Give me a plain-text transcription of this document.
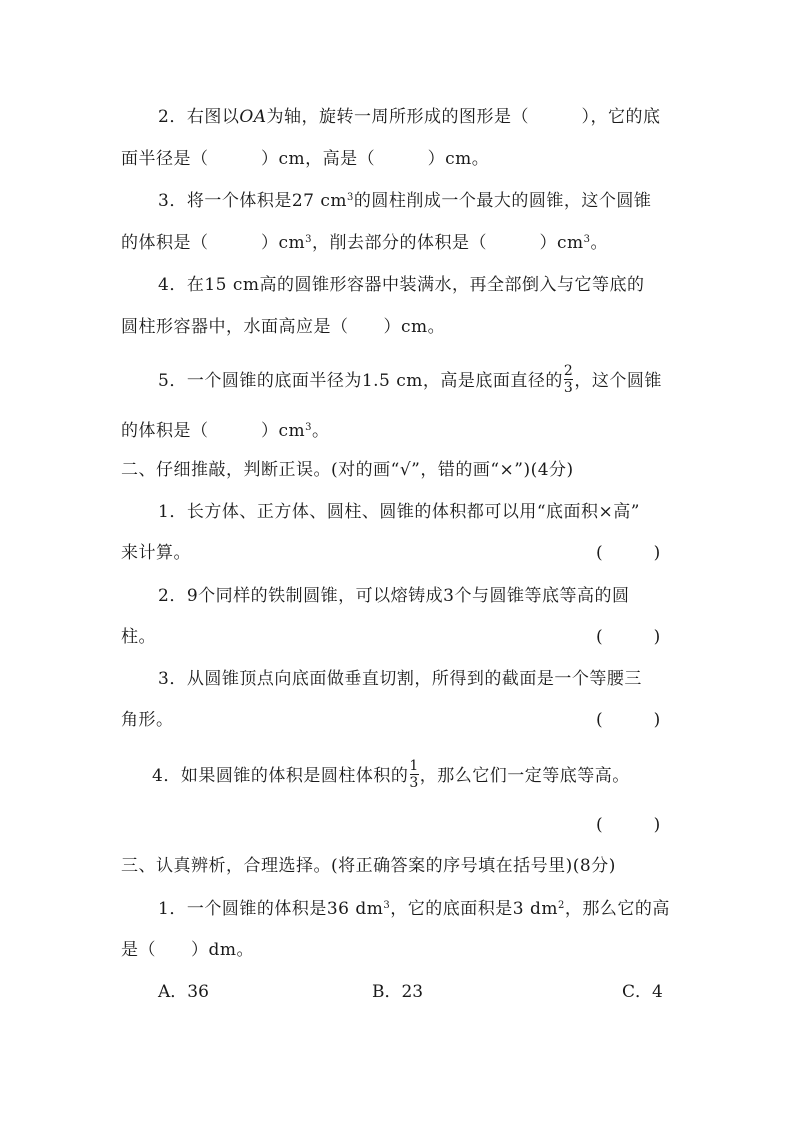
2．右图以OA为轴，旋转一周所形成的图形是（　　　），它的底
面半径是（　　　）cm，高是（　　　）cm。
3．将一个体积是27 $cm^3$的圆柱削成一个最大的圆锥，这个圆锥
的体积是（　　　）$cm^3$，削去部分的体积是（　　　）$cm^3$。
4．在15 cm高的圆锥形容器中装满水，再全部倒入与它等底的
圆柱形容器中，水面高应是（　　）cm。
5．一个圆锥的底面半径为1.5 cm，高是底面直径的 $\frac{2}{3}$ ，这个圆锥
的体积是（　　　）$cm^3$。
二、仔细推敲，判断正误。(对的画“√”，错的画“×”)(4分)
1．长方体、正方体、圆柱、圆锥的体积都可以用“底面积×高”
来计算。	(　　　)
2．9个同样的铁制圆锥，可以熔铸成3个与圆锥等底等高的圆
柱。	(　　　)
3．从圆锥顶点向底面做垂直切割，所得到的截面是一个等腰三
角形。	(　　　)
4．如果圆锥的体积是圆柱体积的 $\frac{1}{3}$ ，那么它们一定等底等高。
(　　　)
三、认真辨析，合理选择。(将正确答案的序号填在括号里)(8分)
1．一个圆锥的体积是36 $dm^3$，它的底面积是3 $dm^2$，那么它的高
是（　　）dm。
A．36	B．23	C．4
